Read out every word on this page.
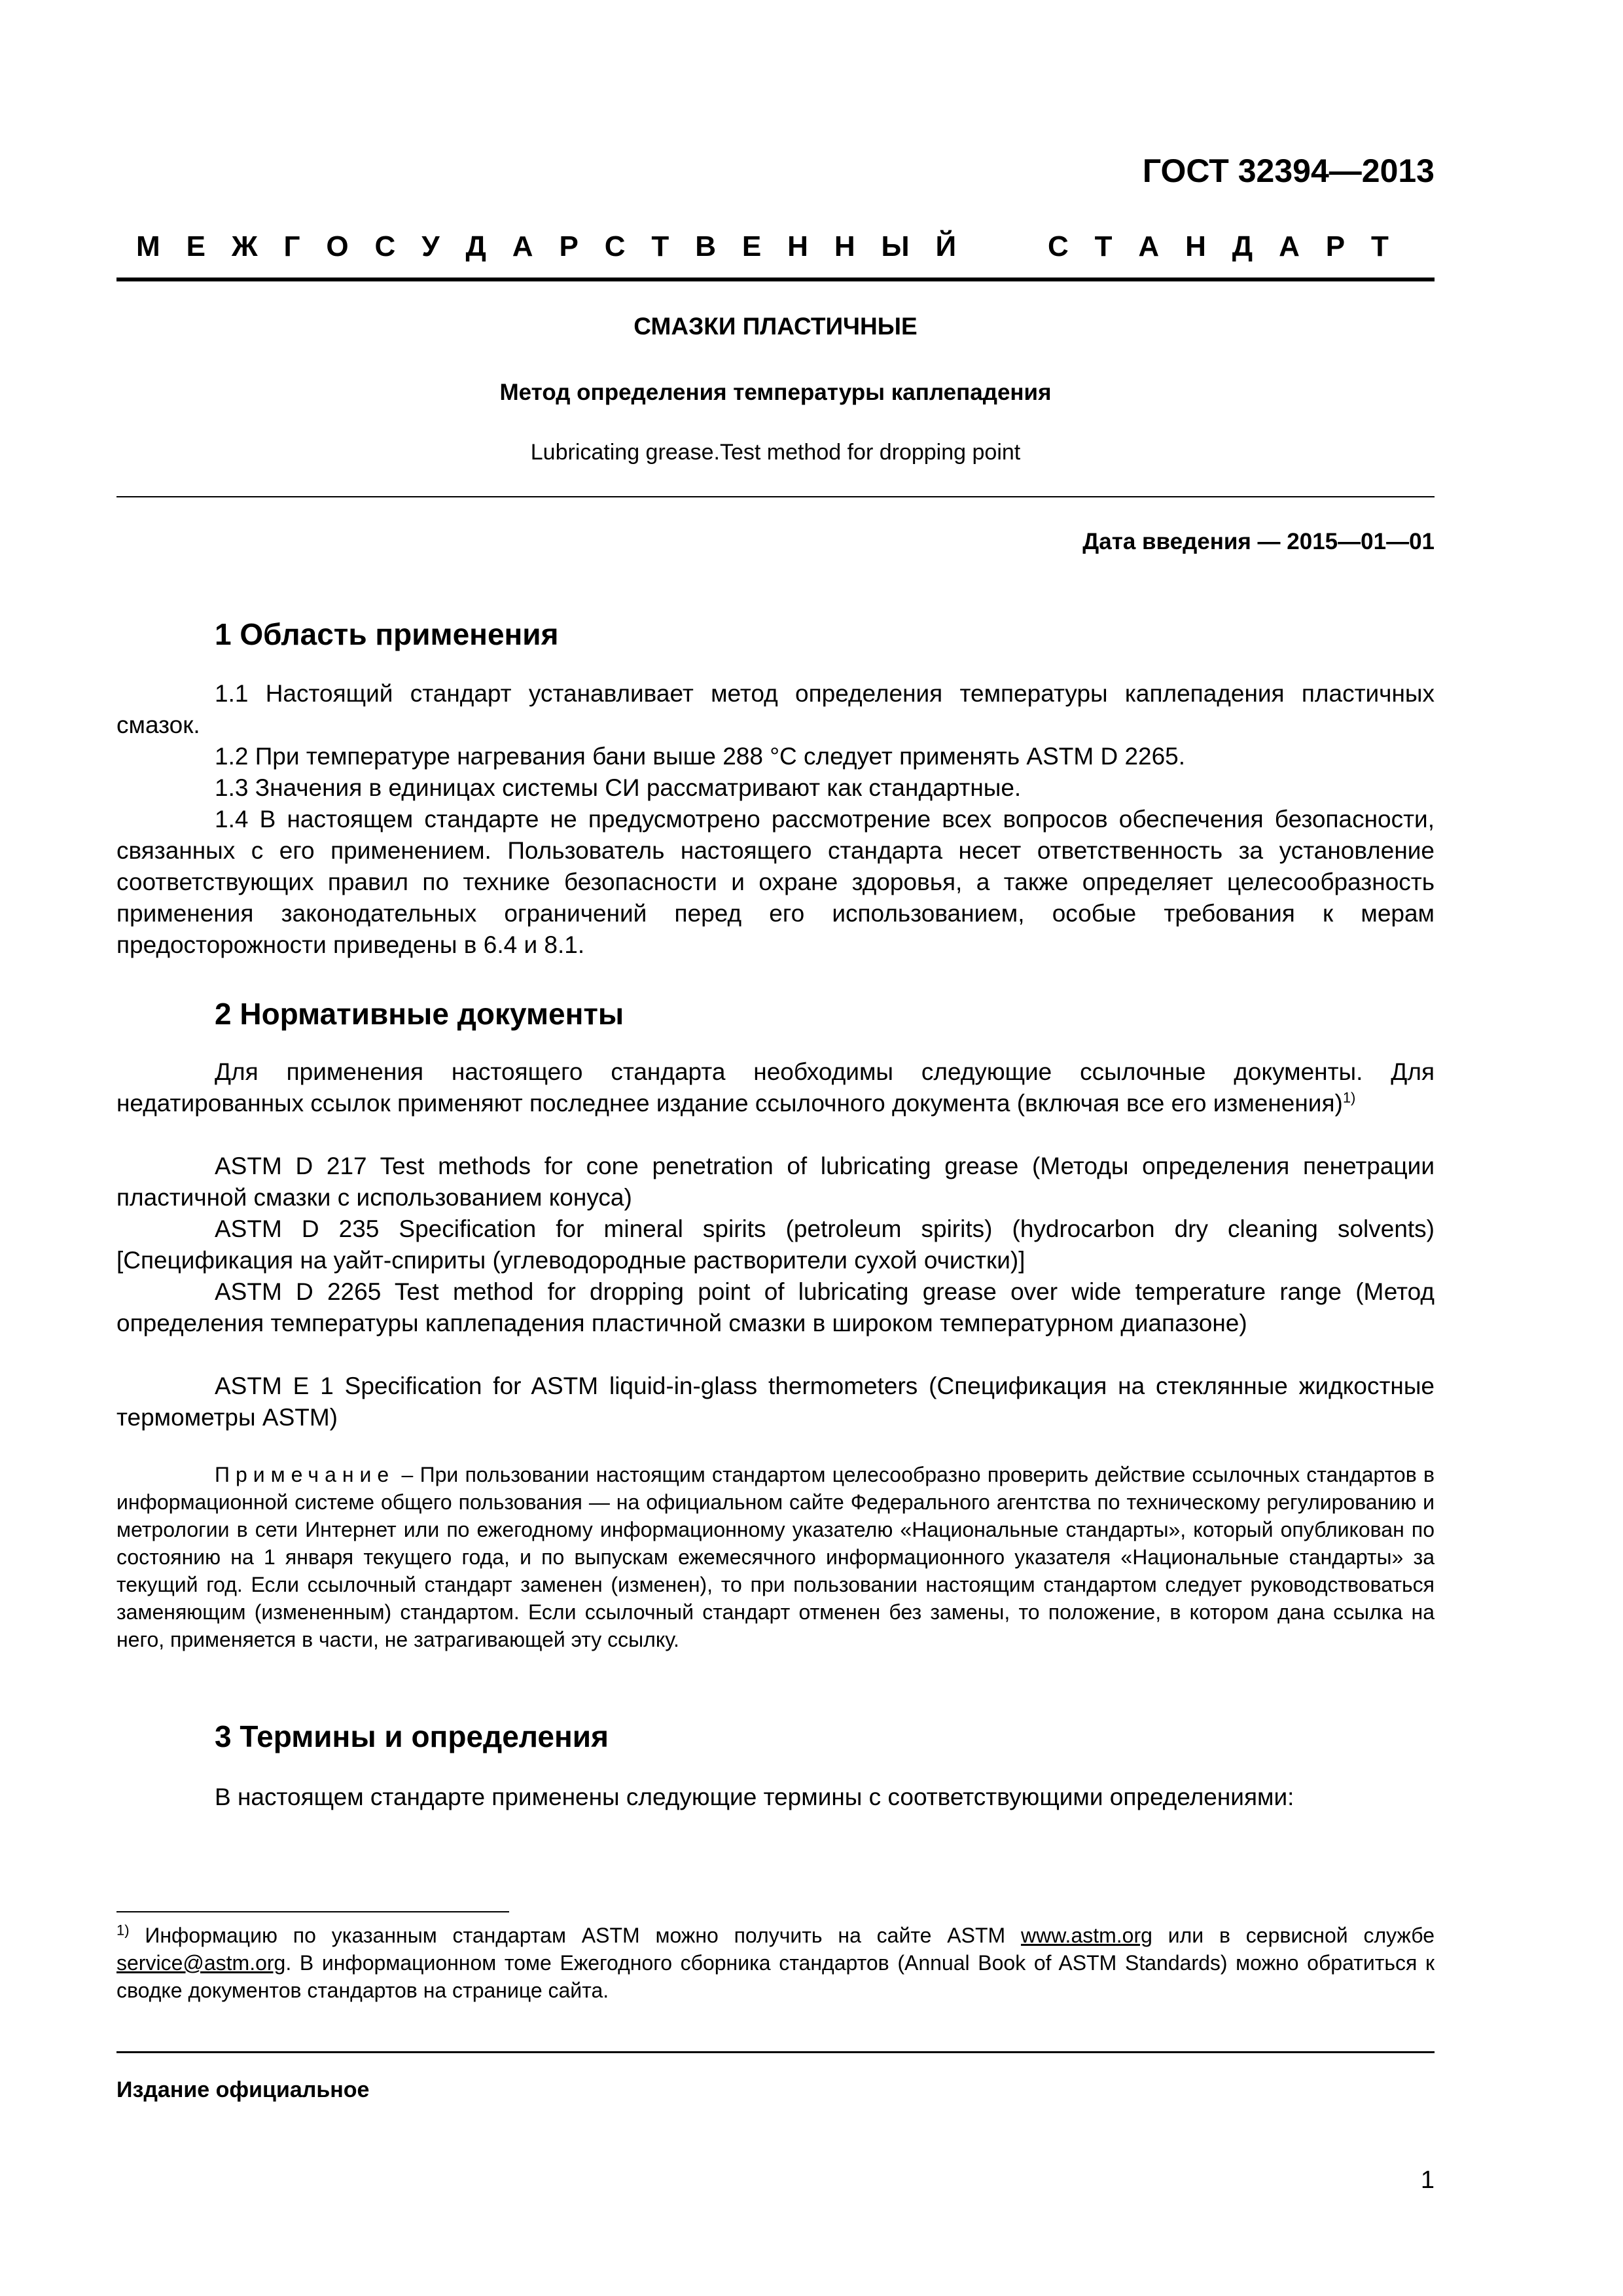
ГОСТ 32394—2013
М Е Ж Г О С У Д А Р С Т В Е Н Н Ы Й	С Т А Н Д А Р Т
СМАЗКИ ПЛАСТИЧНЫЕ
Метод определения температуры каплепадения
Lubricating grease.Test method for dropping point
Дата введения — 2015—01—01
1 Область применения

1.1 Настоящий стандарт устанавливает метод определения температуры каплепадения пластичных смазок.

1.2 При температуре нагревания бани выше 288 °С следует применять ASTM D 2265.

1.3 Значения в единицах системы СИ рассматривают как стандартные.

1.4 В настоящем стандарте не предусмотрено рассмотрение всех вопросов обеспечения безопасности, связанных с его применением. Пользователь настоящего стандарта несет ответственность за установление соответствующих правил по технике безопасности и охране здоровья, а также определяет целесообразность применения законодательных ограничений перед его использованием, особые требования к мерам предосторожности приведены в 6.4 и 8.1.

2 Нормативные документы

Для применения настоящего стандарта необходимы следующие ссылочные документы. Для недатированных ссылок применяют последнее издание ссылочного документа (включая все его изменения)$^{1)}$

ASTM D 217 Test methods for cone penetration of lubricating grease (Методы определения пенетрации пластичной смазки с использованием конуса)

ASTM D 235 Specification for mineral spirits (petroleum spirits) (hydrocarbon dry cleaning solvents) [Спецификация на уайт-спириты (углеводородные растворители сухой очистки)]

ASTM D 2265 Test method for dropping point of lubricating grease over wide temperature range (Метод определения температуры каплепадения пластичной смазки в широком температурном диапазоне)

ASTM E 1 Specification for ASTM liquid-in-glass thermometers (Спецификация на стеклянные жидкостные термометры ASTM)

Примечание – При пользовании настоящим стандартом целесообразно проверить действие ссылочных стандартов в информационной системе общего пользования — на официальном сайте Федерального агентства по техническому регулированию и метрологии в сети Интернет или по ежегодному информационному указателю «Национальные стандарты», который опубликован по состоянию на 1 января текущего года, и по выпускам ежемесячного информационного указателя «Национальные стандарты» за текущий год. Если ссылочный стандарт заменен (изменен), то при пользовании настоящим стандартом следует руководствоваться заменяющим (измененным) стандартом. Если ссылочный стандарт отменен без замены, то положение, в котором дана ссылка на него, применяется в части, не затрагивающей эту ссылку.

3 Термины и определения

В настоящем стандарте применены следующие термины с соответствующими определениями:

$^{1)}$ Информацию по указанным стандартам ASTM можно получить на сайте ASTM www.astm.org или в сервисной службе service@astm.org. В информационном томе Ежегодного сборника стандартов (Annual Book of ASTM Standards) можно обратиться к сводке документов стандартов на странице сайта.

Издание официальное
1
